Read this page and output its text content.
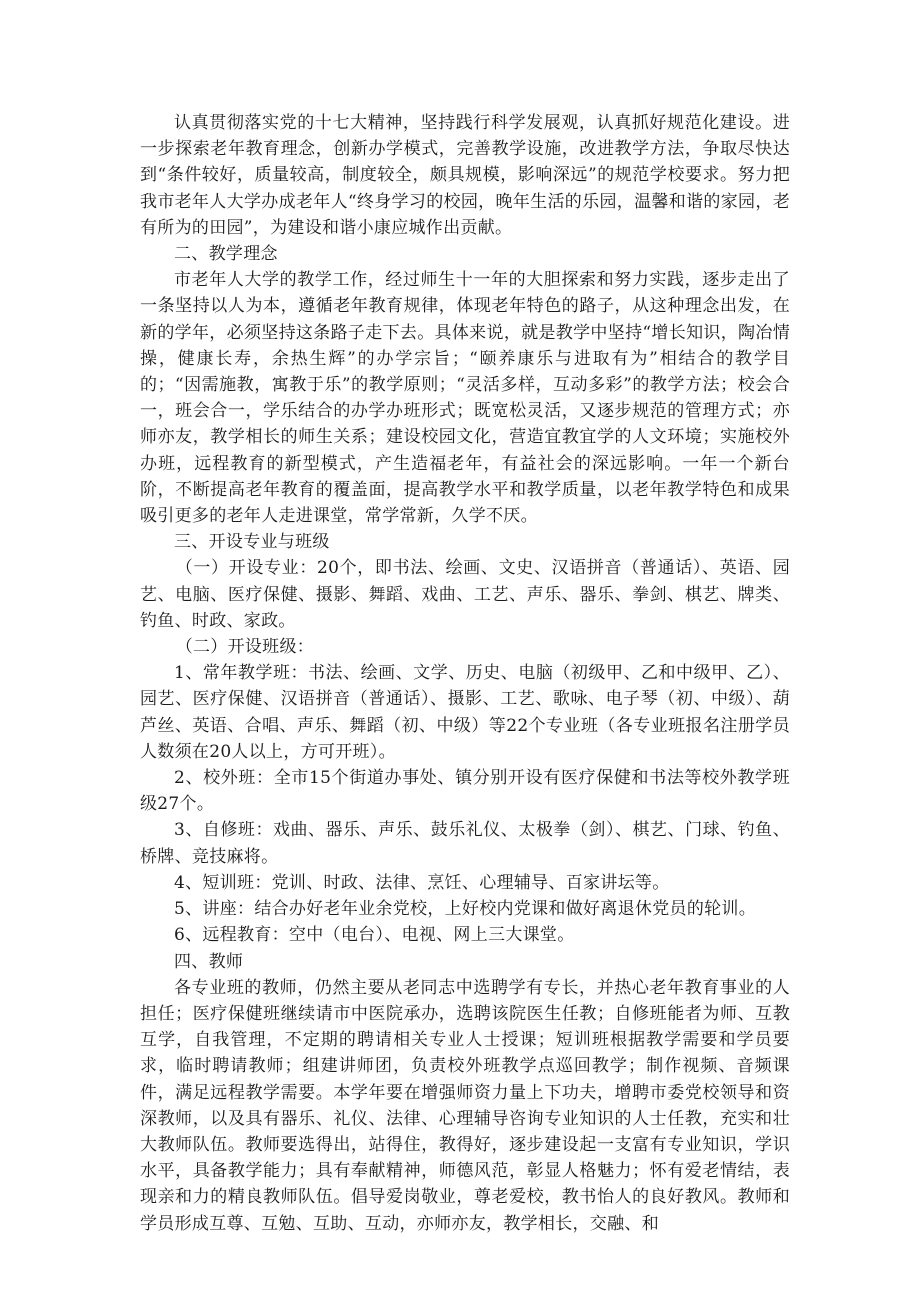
认真贯彻落实党的十七大精神，坚持践行科学发展观，认真抓好规范化建设。进一步探索老年教育理念，创新办学模式，完善教学设施，改进教学方法，争取尽快达到“条件较好，质量较高，制度较全，颇具规模，影响深远”的规范学校要求。努力把我市老年人大学办成老年人“终身学习的校园，晚年生活的乐园，温馨和谐的家园，老有所为的田园”，为建设和谐小康应城作出贡献。

二、教学理念

市老年人大学的教学工作，经过师生十一年的大胆探索和努力实践，逐步走出了一条坚持以人为本，遵循老年教育规律，体现老年特色的路子，从这种理念出发，在新的学年，必须坚持这条路子走下去。具体来说，就是教学中坚持“增长知识，陶冶情操，健康长寿，余热生辉”的办学宗旨；“颐养康乐与进取有为”相结合的教学目的；“因需施教，寓教于乐”的教学原则；“灵活多样，互动多彩”的教学方法；校会合一，班会合一，学乐结合的办学办班形式；既宽松灵活，又逐步规范的管理方式；亦师亦友，教学相长的师生关系；建设校园文化，营造宜教宜学的人文环境；实施校外办班，远程教育的新型模式，产生造福老年，有益社会的深远影响。一年一个新台阶，不断提高老年教育的覆盖面，提高教学水平和教学质量，以老年教学特色和成果吸引更多的老年人走进课堂，常学常新，久学不厌。

三、开设专业与班级

（一）开设专业：20个，即书法、绘画、文史、汉语拼音（普通话）、英语、园艺、电脑、医疗保健、摄影、舞蹈、戏曲、工艺、声乐、器乐、拳剑、棋艺、牌类、钓鱼、时政、家政。

（二）开设班级：

1、常年教学班：书法、绘画、文学、历史、电脑（初级甲、乙和中级甲、乙）、园艺、医疗保健、汉语拼音（普通话）、摄影、工艺、歌咏、电子琴（初、中级）、葫芦丝、英语、合唱、声乐、舞蹈（初、中级）等22个专业班（各专业班报名注册学员人数须在20人以上，方可开班）。

2、校外班：全市15个街道办事处、镇分别开设有医疗保健和书法等校外教学班级27个。

3、自修班：戏曲、器乐、声乐、鼓乐礼仪、太极拳（剑）、棋艺、门球、钓鱼、桥牌、竞技麻将。

4、短训班：党训、时政、法律、烹饪、心理辅导、百家讲坛等。

5、讲座：结合办好老年业余党校，上好校内党课和做好离退休党员的轮训。

6、远程教育：空中（电台）、电视、网上三大课堂。

四、教师

各专业班的教师，仍然主要从老同志中选聘学有专长，并热心老年教育事业的人担任；医疗保健班继续请市中医院承办，选聘该院医生任教；自修班能者为师、互教互学，自我管理，不定期的聘请相关专业人士授课；短训班根据教学需要和学员要求，临时聘请教师；组建讲师团，负责校外班教学点巡回教学；制作视频、音频课件，满足远程教学需要。本学年要在增强师资力量上下功夫，增聘市委党校领导和资深教师，以及具有器乐、礼仪、法律、心理辅导咨询专业知识的人士任教，充实和壮大教师队伍。教师要选得出，站得住，教得好，逐步建设起一支富有专业知识，学识水平，具备教学能力；具有奉献精神，师德风范，彰显人格魅力；怀有爱老情结，表现亲和力的精良教师队伍。倡导爱岗敬业，尊老爱校，教书怡人的良好教风。教师和学员形成互尊、互勉、互助、互动，亦师亦友，教学相长，交融、和
